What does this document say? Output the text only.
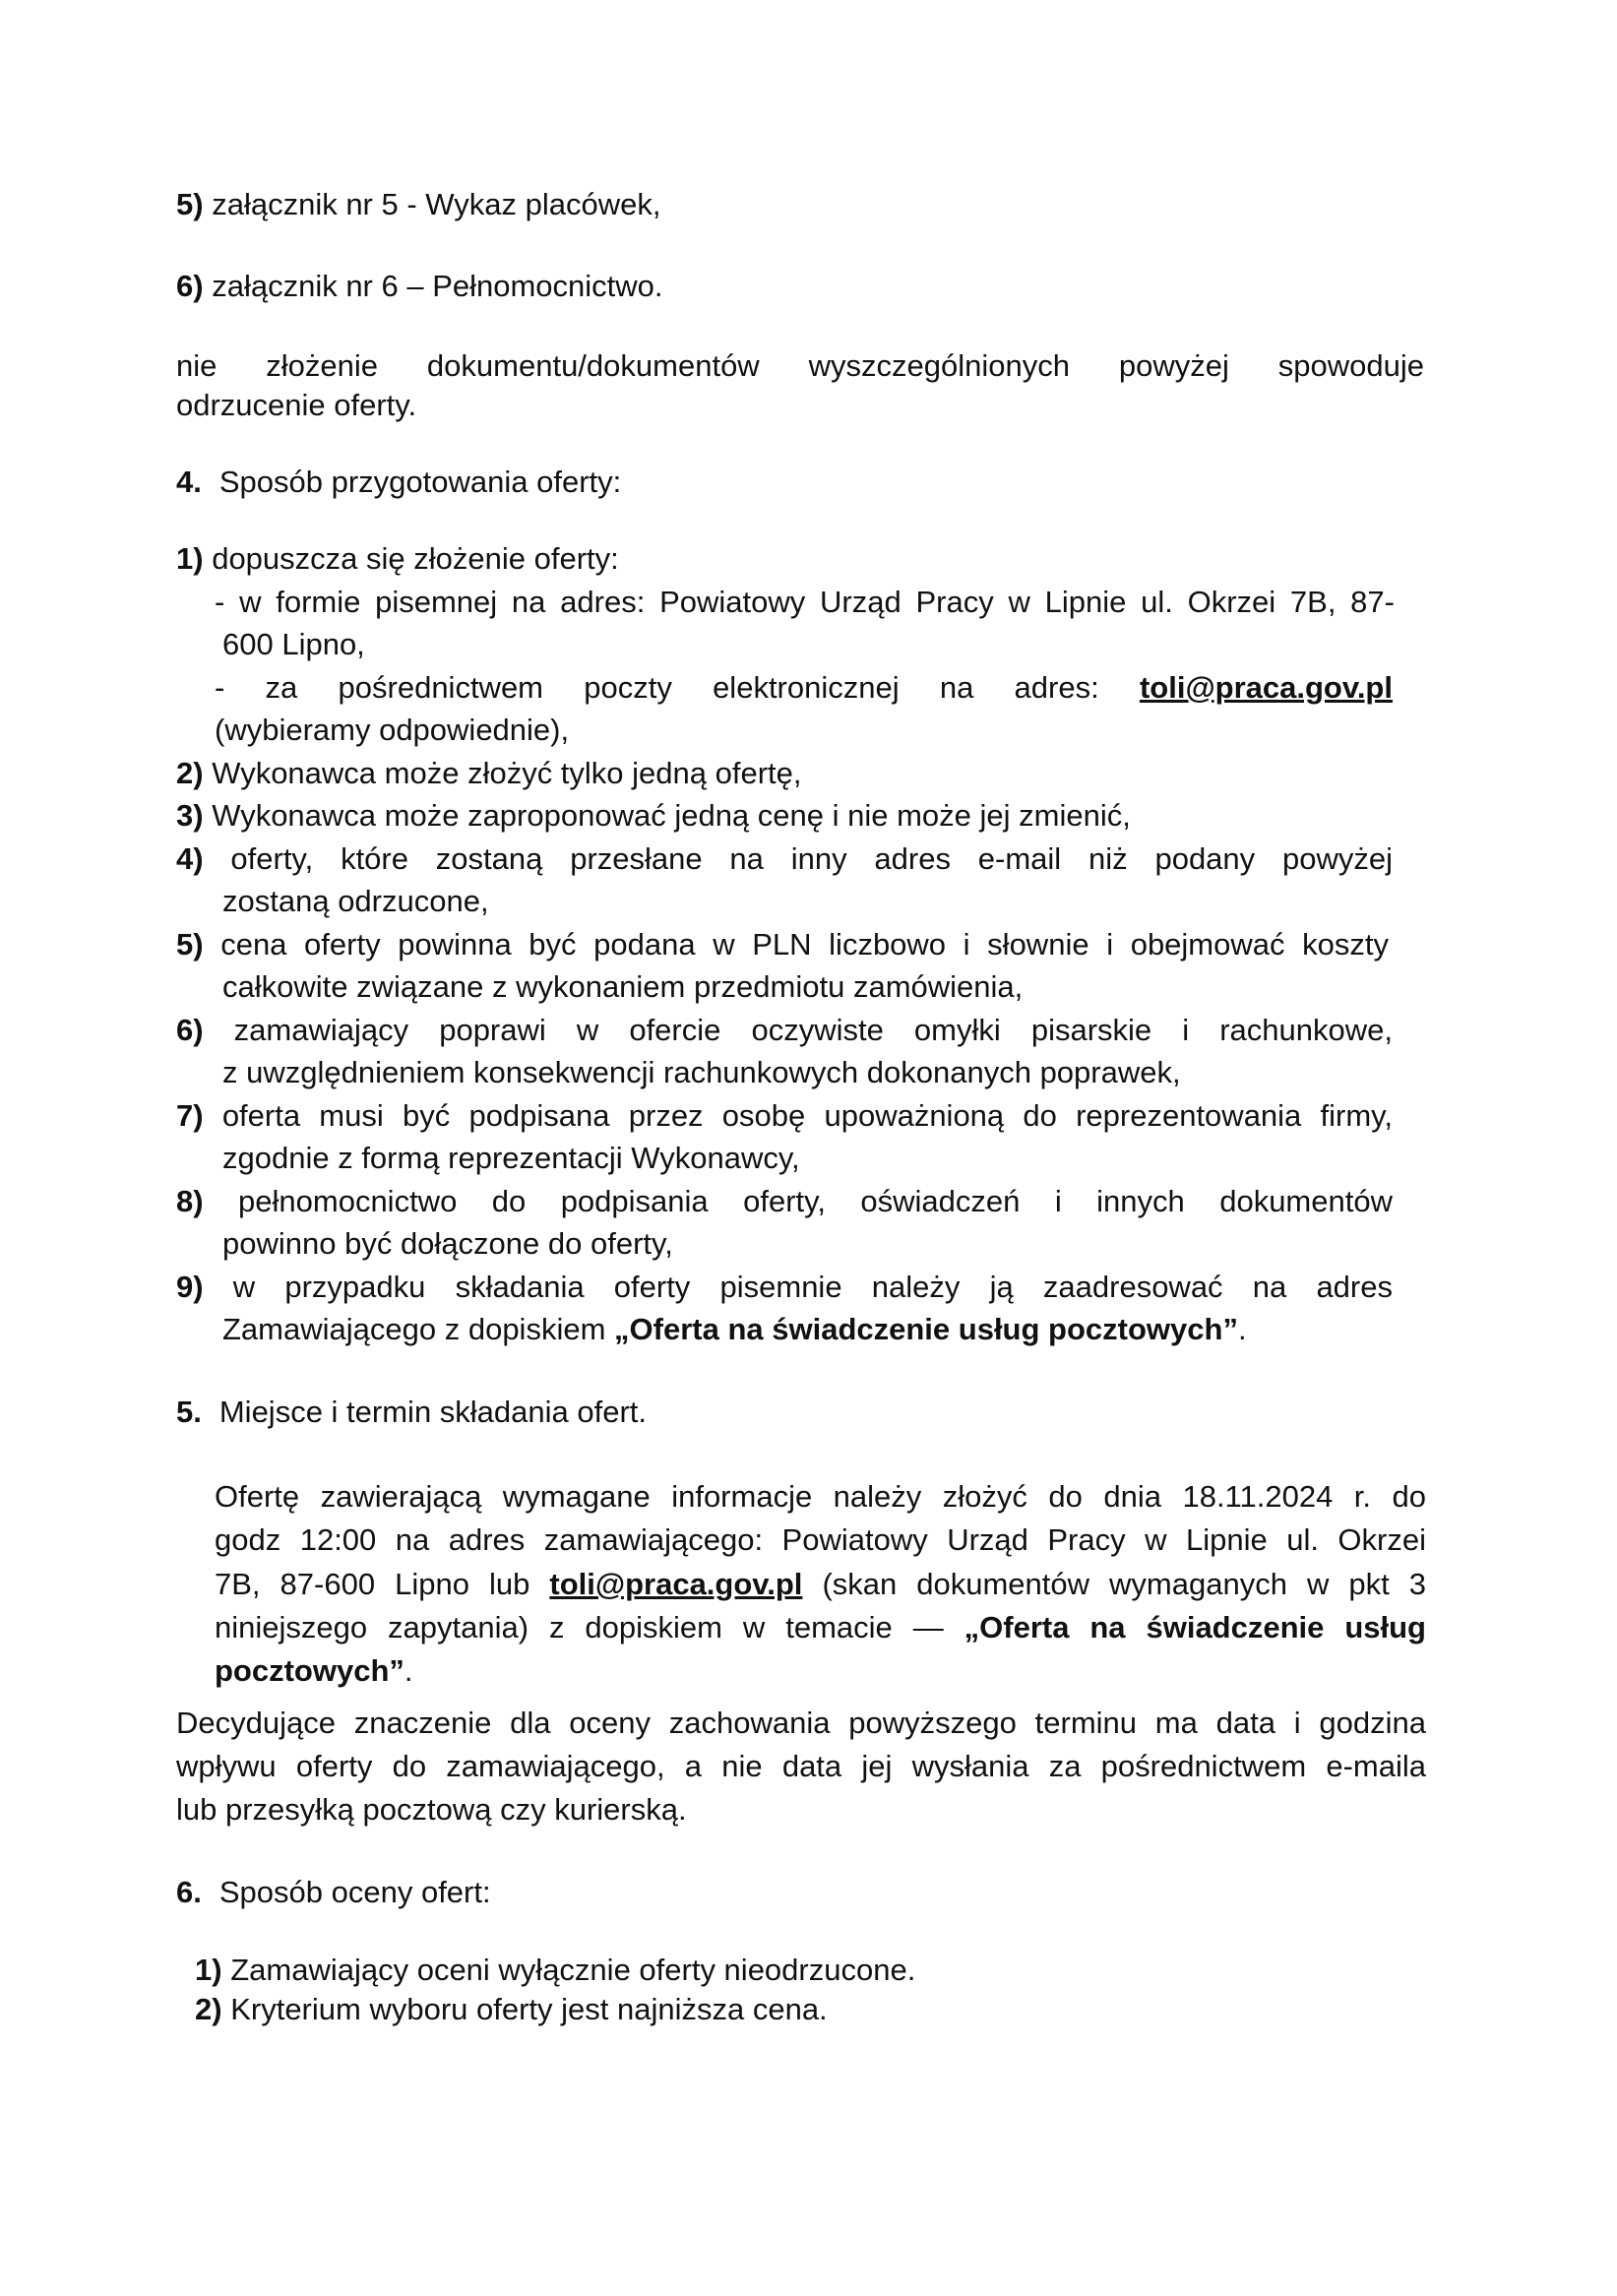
5) załącznik nr 5 - Wykaz placówek,
6) załącznik nr 6 – Pełnomocnictwo.
nie złożenie dokumentu/dokumentów wyszczególnionych powyżej spowoduje
odrzucenie oferty.
4. Sposób przygotowania oferty:
1) dopuszcza się złożenie oferty:
- w formie pisemnej na adres: Powiatowy Urząd Pracy w Lipnie ul. Okrzei 7B, 87-
600 Lipno,
- za pośrednictwem poczty elektronicznej na adres: toli@praca.gov.pl
(wybieramy odpowiednie),
2) Wykonawca może złożyć tylko jedną ofertę,
3) Wykonawca może zaproponować jedną cenę i nie może jej zmienić,
4) oferty, które zostaną przesłane na inny adres e-mail niż podany powyżej
zostaną odrzucone,
5) cena oferty powinna być podana w PLN liczbowo i słownie i obejmować koszty
całkowite związane z wykonaniem przedmiotu zamówienia,
6) zamawiający poprawi w ofercie oczywiste omyłki pisarskie i rachunkowe,
z uwzględnieniem konsekwencji rachunkowych dokonanych poprawek,
7) oferta musi być podpisana przez osobę upoważnioną do reprezentowania firmy,
zgodnie z formą reprezentacji Wykonawcy,
8) pełnomocnictwo do podpisania oferty, oświadczeń i innych dokumentów
powinno być dołączone do oferty,
9) w przypadku składania oferty pisemnie należy ją zaadresować na adres
Zamawiającego z dopiskiem „Oferta na świadczenie usług pocztowych”.
5. Miejsce i termin składania ofert.
Ofertę zawierającą wymagane informacje należy złożyć do dnia 18.11.2024 r. do
godz 12:00 na adres zamawiającego: Powiatowy Urząd Pracy w Lipnie ul. Okrzei
7B, 87-600 Lipno lub toli@praca.gov.pl (skan dokumentów wymaganych w pkt 3
niniejszego zapytania) z dopiskiem w temacie — „Oferta na świadczenie usług
pocztowych”.
Decydujące znaczenie dla oceny zachowania powyższego terminu ma data i godzina
wpływu oferty do zamawiającego, a nie data jej wysłania za pośrednictwem e-maila
lub przesyłką pocztową czy kurierską.
6. Sposób oceny ofert:
1) Zamawiający oceni wyłącznie oferty nieodrzucone.
2) Kryterium wyboru oferty jest najniższa cena.
